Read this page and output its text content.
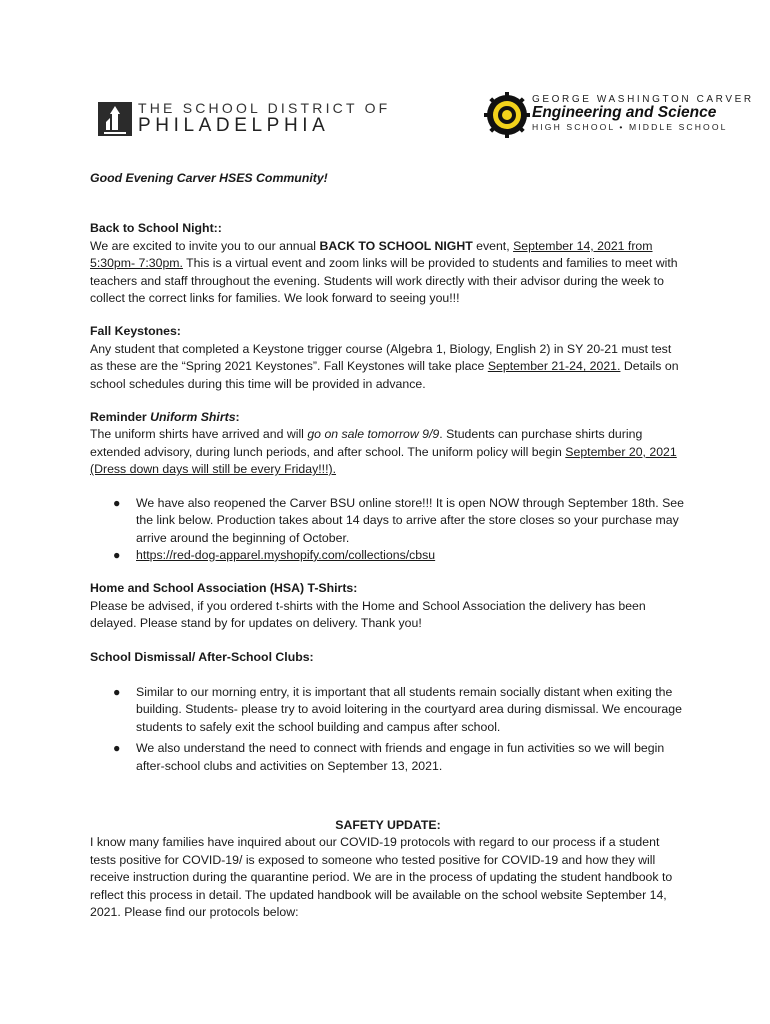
THE SCHOOL DISTRICT OF
PHILADELPHIA
GEORGE WASHINGTON CARVER
Engineering and Science
HIGH SCHOOL • MIDDLE SCHOOL

Good Evening Carver HSES Community!

Back to School Night::

We are excited to invite you to our annual BACK TO SCHOOL NIGHT event, September 14, 2021 from 5:30pm- 7:30pm. This is a virtual event and zoom links will be provided to students and families to meet with teachers and staff throughout the evening. Students will work directly with their advisor during the week to collect the correct links for families. We look forward to seeing you!!!

Fall Keystones:

Any student that completed a Keystone trigger course (Algebra 1, Biology, English 2) in SY 20-21 must test as these are the “Spring 2021 Keystones”. Fall Keystones will take place September 21-24, 2021. Details on school schedules during this time will be provided in advance.

Reminder Uniform Shirts:

The uniform shirts have arrived and will go on sale tomorrow 9/9. Students can purchase shirts during extended advisory, during lunch periods, and after school. The uniform policy will begin September 20, 2021 (Dress down days will still be every Friday!!!).

● We have also reopened the Carver BSU online store!!! It is open NOW through September 18th. See the link below. Production takes about 14 days to arrive after the store closes so your purchase may arrive around the beginning of October.
● https://red-dog-apparel.myshopify.com/collections/cbsu

Home and School Association (HSA) T-Shirts:

Please be advised, if you ordered t-shirts with the Home and School Association the delivery has been delayed. Please stand by for updates on delivery. Thank you!

School Dismissal/ After-School Clubs:

● Similar to our morning entry, it is important that all students remain socially distant when exiting the building. Students- please try to avoid loitering in the courtyard area during dismissal. We encourage students to safely exit the school building and campus after school.
● We also understand the need to connect with friends and engage in fun activities so we will begin after-school clubs and activities on September 13, 2021.

SAFETY UPDATE:

I know many families have inquired about our COVID-19 protocols with regard to our process if a student tests positive for COVID-19/ is exposed to someone who tested positive for COVID-19 and how they will receive instruction during the quarantine period. We are in the process of updating the student handbook to reflect this process in detail. The updated handbook will be available on the school website September 14, 2021. Please find our protocols below:
